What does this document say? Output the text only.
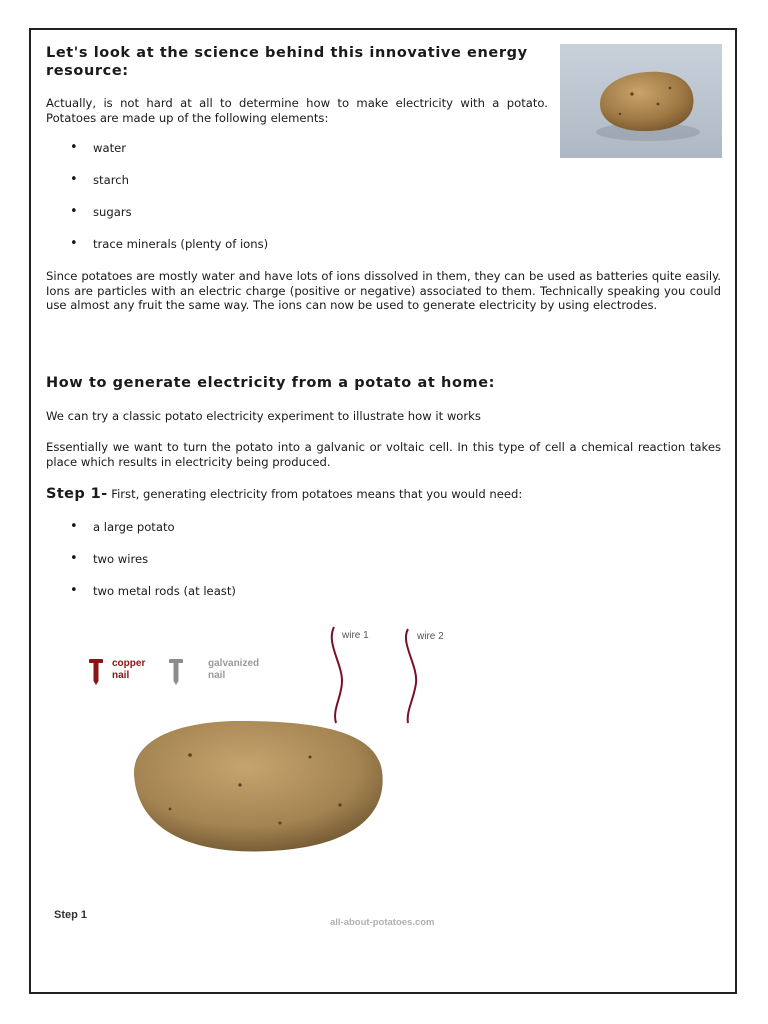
Let's look at the science behind this innovative energy resource:

Actually, is not hard at all to determine how to make electricity with a potato. Potatoes are made up of the following elements:

• water
• starch
• sugars
• trace minerals (plenty of ions)

Since potatoes are mostly water and have lots of ions dissolved in them, they can be used as batteries quite easily. Ions are particles with an electric charge (positive or negative) associated to them. Technically speaking you could use almost any fruit the same way. The ions can now be used to generate electricity by using electrodes.

How to generate electricity from a potato at home:

We can try a classic potato electricity experiment to illustrate how it works

Essentially we want to turn the potato into a galvanic or voltaic cell. In this type of cell a chemical reaction takes place which results in electricity being produced.

Step 1- First, generating electricity from potatoes means that you would need:
• a large potato
• two wires
• two metal rods (at least)
copper
nail
galvanized
nail
wire 1	wire 2
Step 1
all-about-potatoes.com
